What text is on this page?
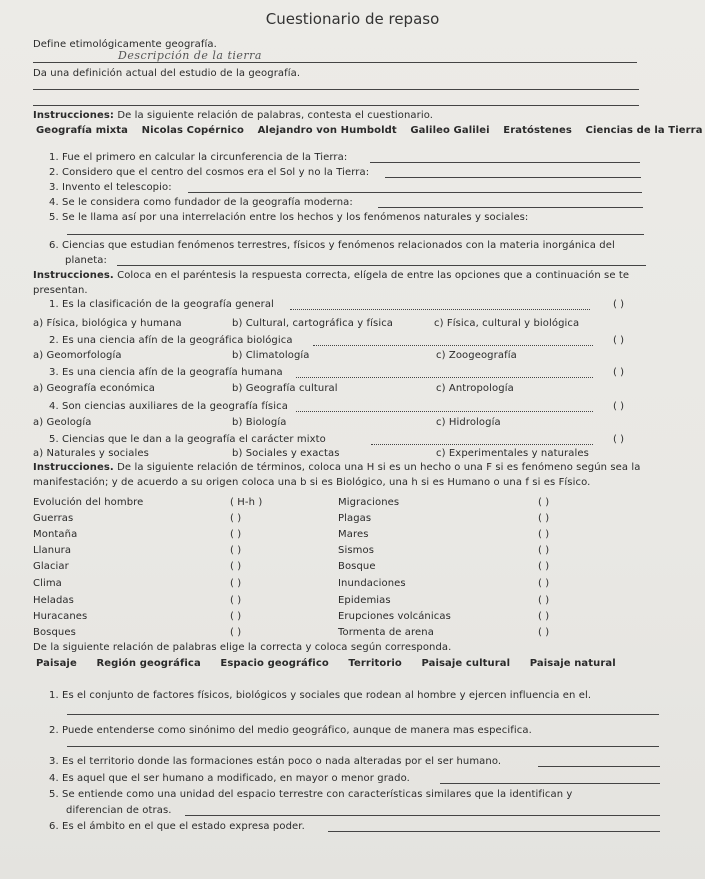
Cuestionario de repaso
Define etimológicamente geografía.
Descripción de la tierra
Da una definición actual del estudio de la geografía.
Instrucciones: De la siguiente relación de palabras, contesta el cuestionario.
Geografía mixta Nicolas Copérnico Alejandro von Humboldt Galileo Galilei Eratóstenes Ciencias de la Tierra
1. Fue el primero en calcular la circunferencia de la Tierra:
2. Considero que el centro del cosmos era el Sol y no la Tierra:
3. Invento el telescopio:
4. Se le considera como fundador de la geografía moderna:
5. Se le llama así por una interrelación entre los hechos y los fenómenos naturales y sociales:
6. Ciencias que estudian fenómenos terrestres, físicos y fenómenos relacionados con la materia inorgánica del
planeta:
Instrucciones. Coloca en el paréntesis la respuesta correcta, elígela de entre las opciones que a continuación se te
presentan.
1. Es la clasificación de la geografía general	( )
a) Física, biológica y humana	b) Cultural, cartográfica y física	c) Física, cultural y biológica
2. Es una ciencia afín de la geográfica biológica	( )
a) Geomorfología	b) Climatología	c) Zoogeografía
3. Es una ciencia afín de la geografía humana	( )
a) Geografía económica	b) Geografía cultural	c) Antropología
4. Son ciencias auxiliares de la geografía física	( )
a) Geología	b) Biología	c) Hidrología
5. Ciencias que le dan a la geografía el carácter mixto	( )
a) Naturales y sociales	b) Sociales y exactas	c) Experimentales y naturales
Instrucciones. De la siguiente relación de términos, coloca una H si es un hecho o una F si es fenómeno según sea la
manifestación; y de acuerdo a su origen coloca una b si es Biológico, una h si es Humano o una f si es Físico.
Evolución del hombre	( H-h )	Migraciones	( )
Guerras	( )	Plagas	( )
Montaña	( )	Mares	( )
Llanura	( )	Sismos	( )
Glaciar	( )	Bosque	( )
Clima	( )	Inundaciones	( )
Heladas	( )	Epidemias	( )
Huracanes	( )	Erupciones volcánicas	( )
Bosques	( )	Tormenta de arena	( )
De la siguiente relación de palabras elige la correcta y coloca según corresponda.
Paisaje Región geográfica Espacio geográfico Territorio Paisaje cultural Paisaje natural
1. Es el conjunto de factores físicos, biológicos y sociales que rodean al hombre y ejercen influencia en el.
2. Puede entenderse como sinónimo del medio geográfico, aunque de manera mas especifica.
3. Es el territorio donde las formaciones están poco o nada alteradas por el ser humano.
4. Es aquel que el ser humano a modificado, en mayor o menor grado.
5. Se entiende como una unidad del espacio terrestre con características similares que la identifican y
diferencian de otras.
6. Es el ámbito en el que el estado expresa poder.
